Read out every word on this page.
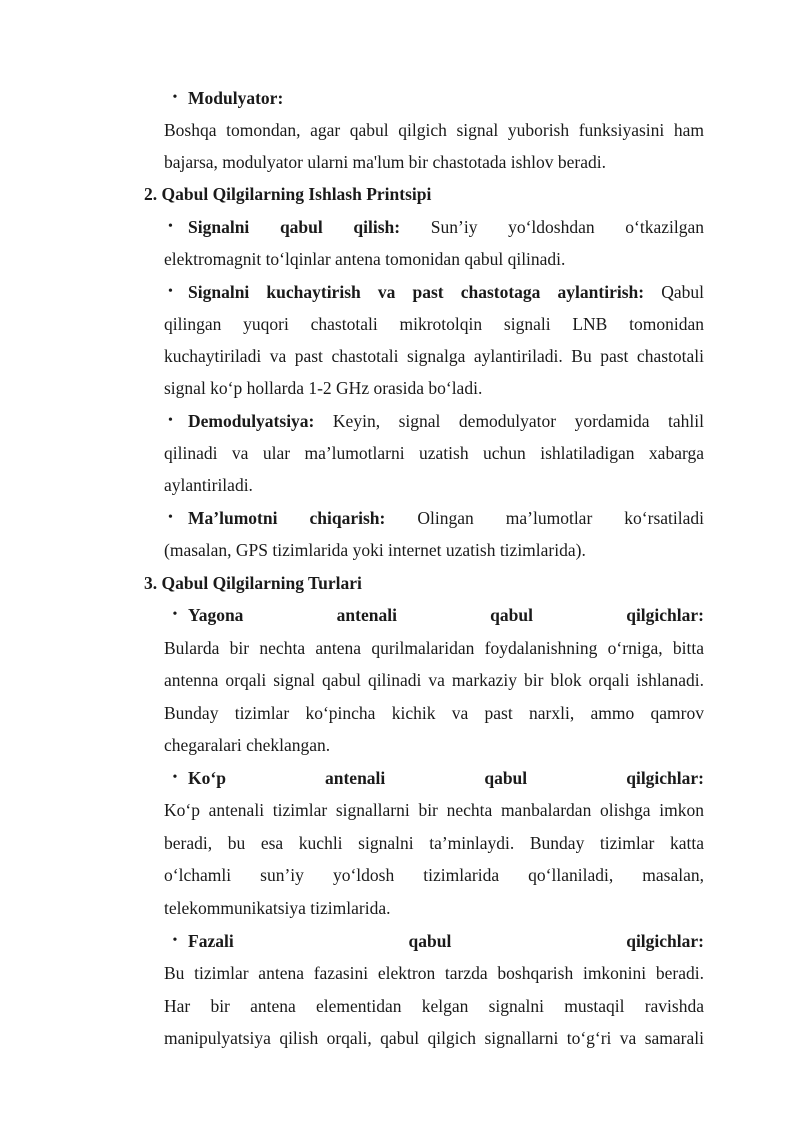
• Modulyator:
Boshqa tomondan, agar qabul qilgich signal yuborish funksiyasini ham
bajarsa, modulyator ularni ma'lum bir chastotada ishlov beradi.
2. Qabul Qilgilarning Ishlash Printsipi
• Signalni qabul qilish: Sun’iy yo‘ldoshdan o‘tkazilgan
elektromagnit to‘lqinlar antena tomonidan qabul qilinadi.
• Signalni kuchaytirish va past chastotaga aylantirish: Qabul
qilingan yuqori chastotali mikrotolqin signali LNB tomonidan
kuchaytiriladi va past chastotali signalga aylantiriladi. Bu past chastotali
signal ko‘p hollarda 1-2 GHz orasida bo‘ladi.
• Demodulyatsiya: Keyin, signal demodulyator yordamida tahlil
qilinadi va ular ma’lumotlarni uzatish uchun ishlatiladigan xabarga
aylantiriladi.
• Ma’lumotni chiqarish: Olingan ma’lumotlar ko‘rsatiladi
(masalan, GPS tizimlarida yoki internet uzatish tizimlarida).
3. Qabul Qilgilarning Turlari
• Yagona antenali qabul qilgichlar:
Bularda bir nechta antena qurilmalaridan foydalanishning o‘rniga, bitta
antenna orqali signal qabul qilinadi va markaziy bir blok orqali ishlanadi.
Bunday tizimlar ko‘pincha kichik va past narxli, ammo qamrov
chegaralari cheklangan.
• Ko‘p antenali qabul qilgichlar:
Ko‘p antenali tizimlar signallarni bir nechta manbalardan olishga imkon
beradi, bu esa kuchli signalni ta’minlaydi. Bunday tizimlar katta
o‘lchamli sun’iy yo‘ldosh tizimlarida qo‘llaniladi, masalan,
telekommunikatsiya tizimlarida.
• Fazali qabul qilgichlar:
Bu tizimlar antena fazasini elektron tarzda boshqarish imkonini beradi.
Har bir antena elementidan kelgan signalni mustaqil ravishda
manipulyatsiya qilish orqali, qabul qilgich signallarni to‘g‘ri va samarali
